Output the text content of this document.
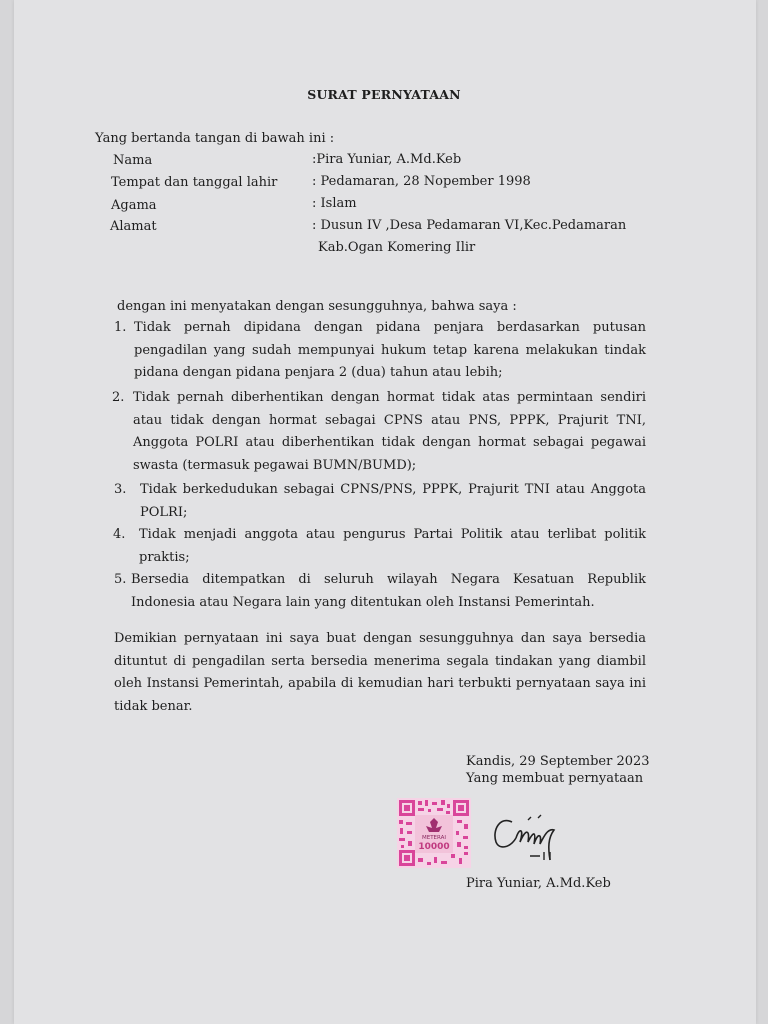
SURAT PERNYATAAN
Yang bertanda tangan di bawah ini :
Nama	:Pira Yuniar, A.Md.Keb
Tempat dan tanggal lahir	: Pedamaran, 28 Nopember 1998
Agama	: Islam
Alamat	: Dusun IV ,Desa Pedamaran VI,Kec.Pedamaran
Kab.Ogan Komering Ilir
dengan ini menyatakan dengan sesungguhnya, bahwa saya :
1. Tidak pernah dipidana dengan pidana penjara berdasarkan putusan pengadilan yang sudah mempunyai hukum tetap karena melakukan tindak pidana dengan pidana penjara 2 (dua) tahun atau lebih;
2. Tidak pernah diberhentikan dengan hormat tidak atas permintaan sendiri atau tidak dengan hormat sebagai CPNS atau PNS, PPPK, Prajurit TNI, Anggota POLRI atau diberhentikan tidak dengan hormat sebagai pegawai swasta (termasuk pegawai BUMN/BUMD);
3. Tidak berkedudukan sebagai CPNS/PNS, PPPK, Prajurit TNI atau Anggota POLRI;
4. Tidak menjadi anggota atau pengurus Partai Politik atau terlibat politik praktis;
5. Bersedia ditempatkan di seluruh wilayah Negara Kesatuan Republik Indonesia atau Negara lain yang ditentukan oleh Instansi Pemerintah.
Demikian pernyataan ini saya buat dengan sesungguhnya dan saya bersedia dituntut di pengadilan serta bersedia menerima segala tindakan yang diambil oleh Instansi Pemerintah, apabila di kemudian hari terbukti pernyataan saya ini tidak benar.
Kandis, 29 September 2023
Yang membuat pernyataan
METERAI
10000
Pira Yuniar, A.Md.Keb
